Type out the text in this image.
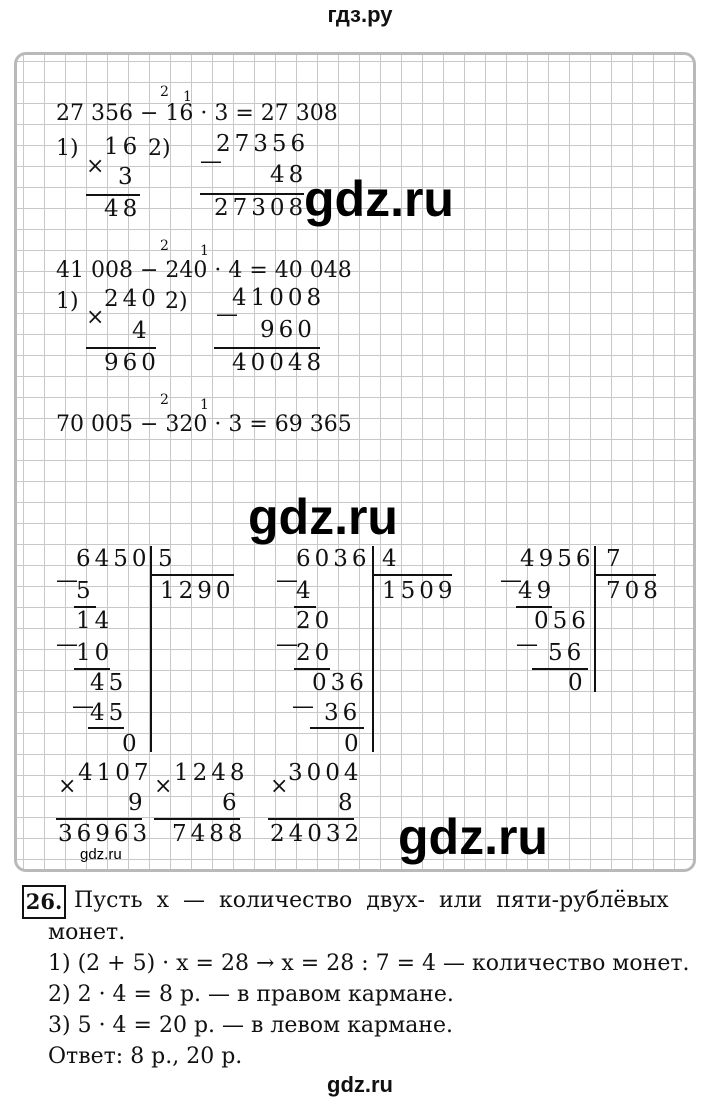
гдз.ру
2 1
27 356 − 16 · 3 = 27 308
1)
×
16
3
48
2) 27356
—
48
27308
gdz.ru
2 1
41 008 − 240 · 4 = 40 048
1)
×
240
4
960
2) 41008
—
960
40048
2 1
70 005 − 320 · 3 = 69 365
gdz.ru
6450 5
1290
—
5
14
—
10
45
—
45
0
6036 4
1509
—
4
20
—
20
036
— 36
0
4956 7
708
—
49
056
— 56
0
4107
×
9
36963
1248
×
6
7488
3004
×
8
24032
gdz.ru	gdz.ru
26. Пусть  x  —  количество  двух-  или  пяти-рублёвых
монет.
1) (2 + 5) · x = 28 → x = 28 : 7 = 4 — количество монет.
2) 2 · 4 = 8 р. — в правом кармане.
3) 5 · 4 = 20 р. — в левом кармане.
Ответ: 8 р., 20 р.
gdz.ru
